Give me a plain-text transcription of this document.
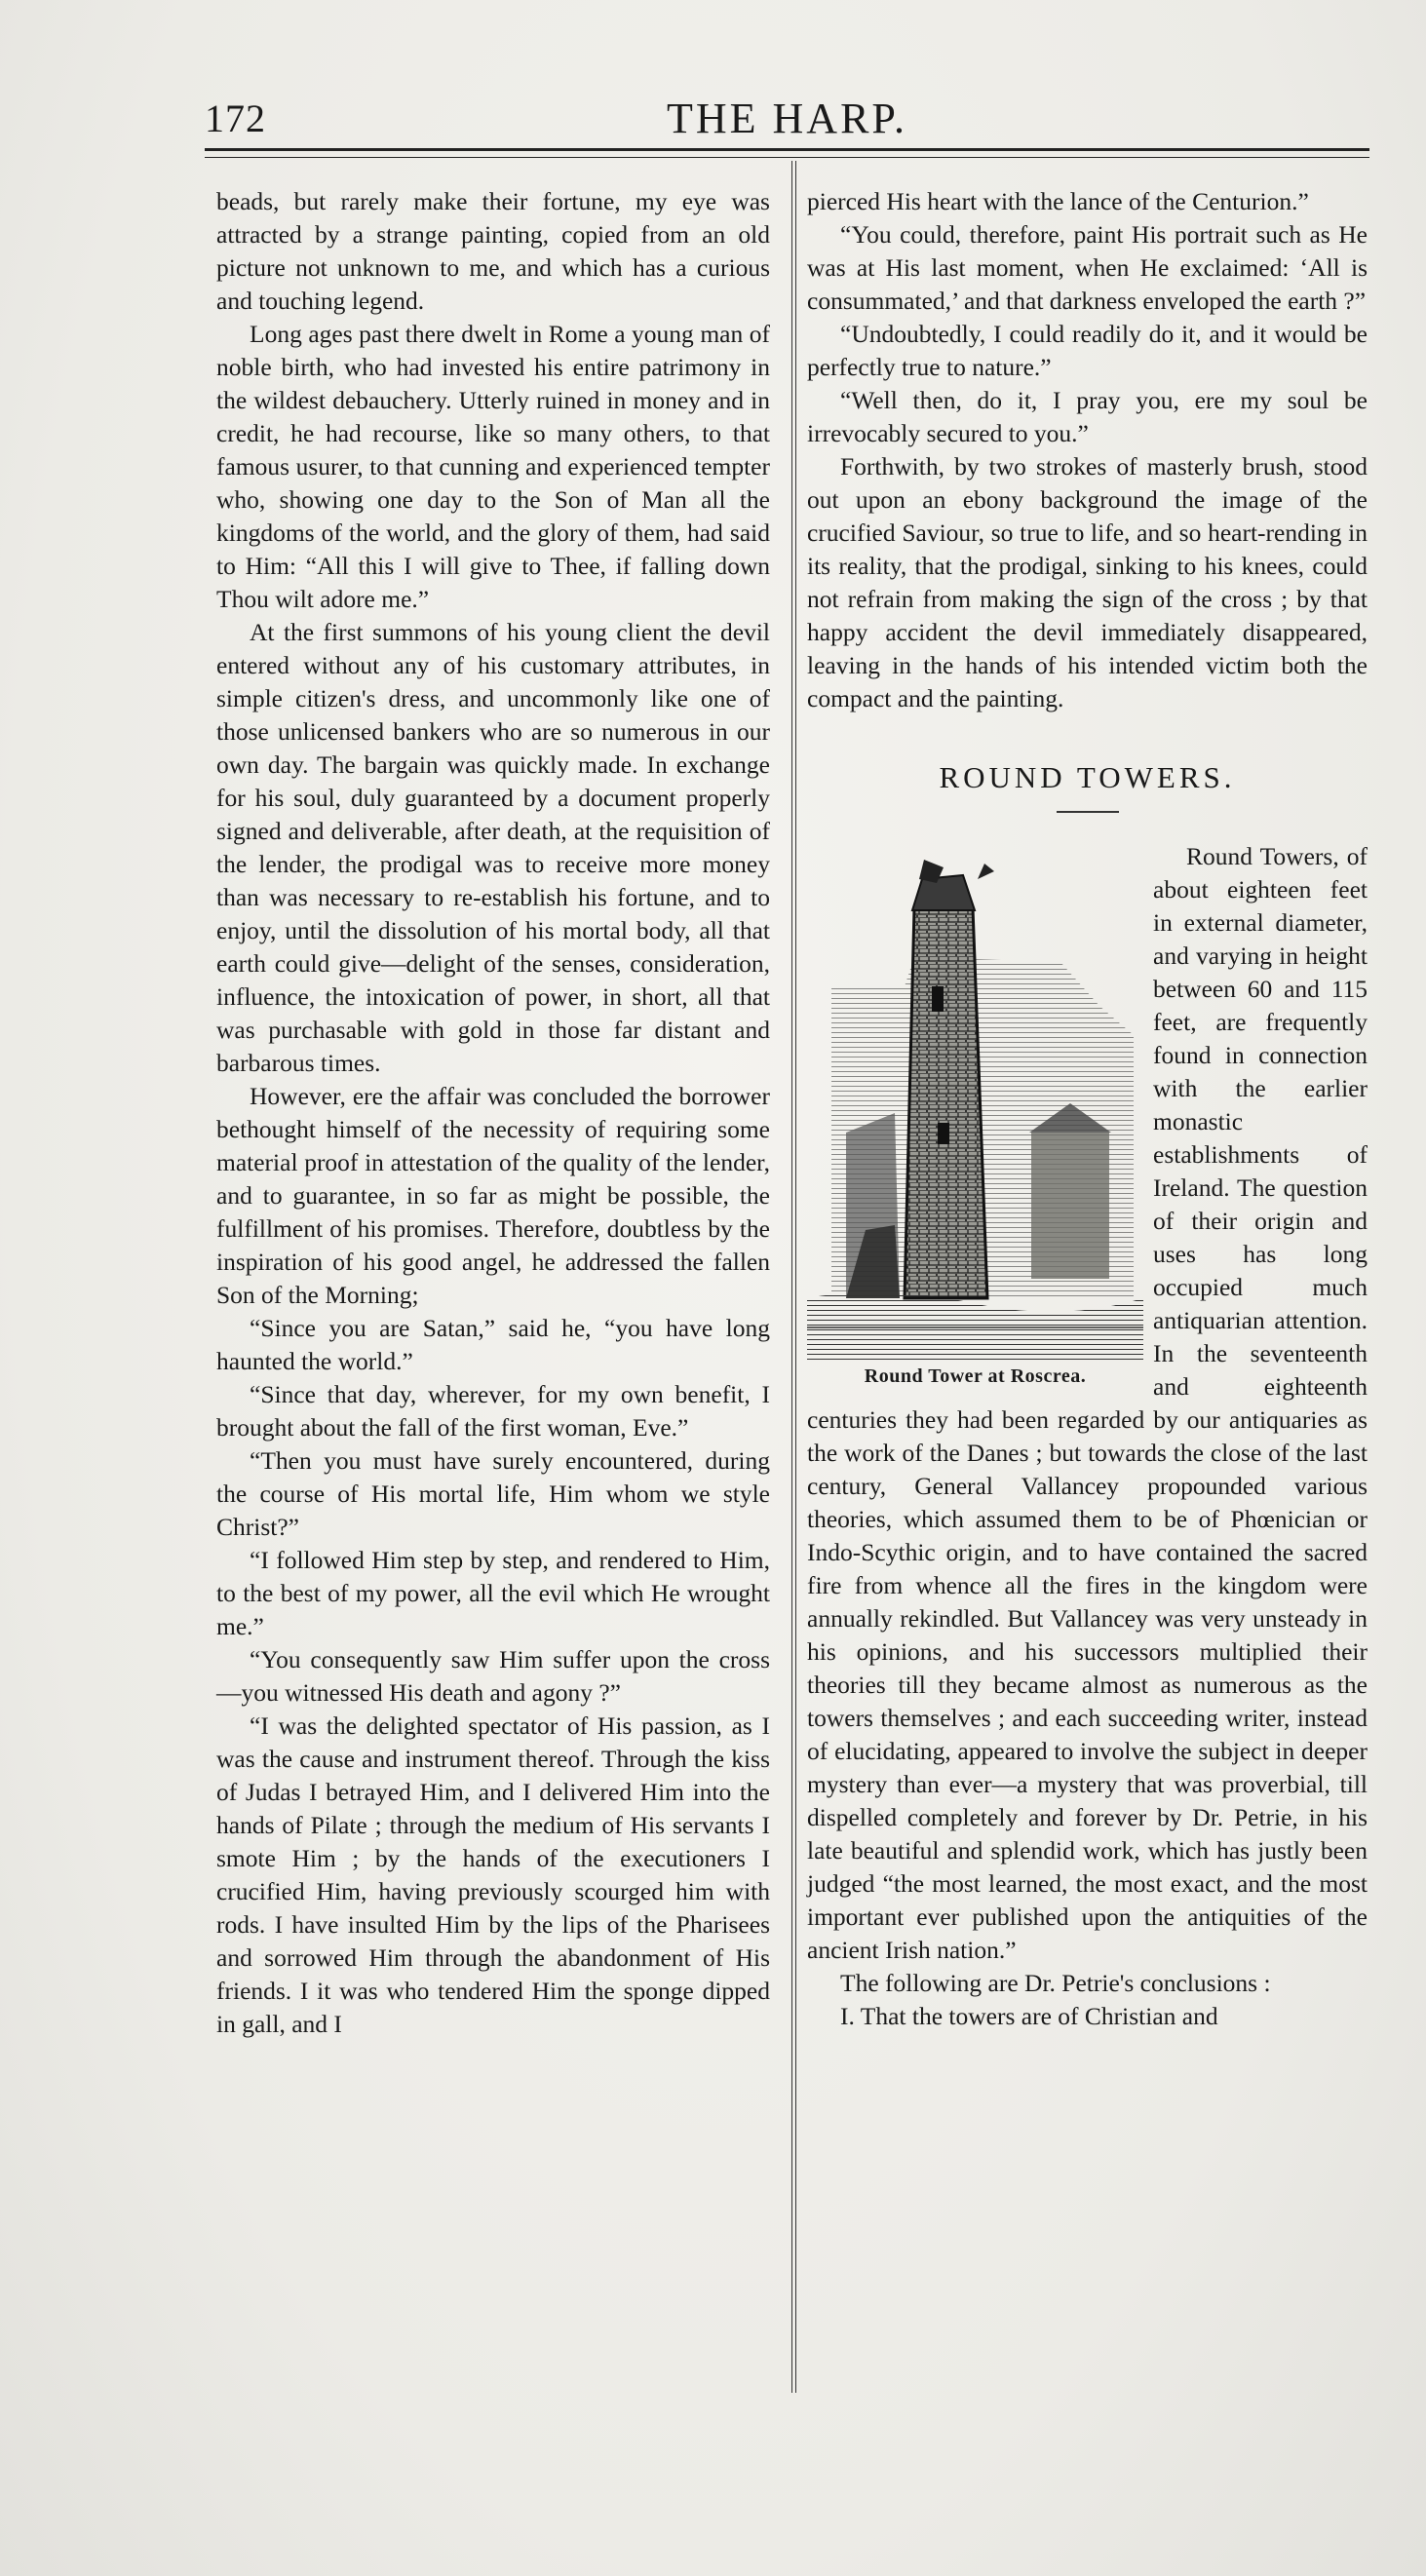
172	THE HARP.

beads, but rarely make their fortune, my eye was attracted by a strange painting, copied from an old picture not unknown to me, and which has a curious and touching legend.

Long ages past there dwelt in Rome a young man of noble birth, who had invested his entire patrimony in the wildest debauchery. Utterly ruined in money and in credit, he had recourse, like so many others, to that famous usurer, to that cunning and experienced tempter who, showing one day to the Son of Man all the kingdoms of the world, and the glory of them, had said to Him: “All this I will give to Thee, if falling down Thou wilt adore me.”

At the first summons of his young client the devil entered without any of his customary attributes, in simple citizen's dress, and uncommonly like one of those unlicensed bankers who are so numerous in our own day. The bargain was quickly made. In exchange for his soul, duly guaranteed by a document properly signed and deliverable, after death, at the requisition of the lender, the prodigal was to receive more money than was necessary to re-establish his fortune, and to enjoy, until the dissolution of his mortal body, all that earth could give—delight of the senses, consideration, influence, the intoxication of power, in short, all that was purchasable with gold in those far distant and barbarous times.

However, ere the affair was concluded the borrower bethought himself of the necessity of requiring some material proof in attestation of the quality of the lender, and to guarantee, in so far as might be possible, the fulfillment of his promises. Therefore, doubtless by the inspiration of his good angel, he addressed the fallen Son of the Morning;

“Since you are Satan,” said he, “you have long haunted the world.”

“Since that day, wherever, for my own benefit, I brought about the fall of the first woman, Eve.”

“Then you must have surely encountered, during the course of His mortal life, Him whom we style Christ?”

“I followed Him step by step, and rendered to Him, to the best of my power, all the evil which He wrought me.”

“You consequently saw Him suffer upon the cross—you witnessed His death and agony ?”

“I was the delighted spectator of His passion, as I was the cause and instrument thereof. Through the kiss of Judas I betrayed Him, and I delivered Him into the hands of Pilate ; through the medium of His servants I smote Him ; by the hands of the executioners I crucified Him, having previously scourged him with rods. I have insulted Him by the lips of the Pharisees and sorrowed Him through the abandonment of His friends. I it was who tendered Him the sponge dipped in gall, and I

pierced His heart with the lance of the Centurion.”

“You could, therefore, paint His portrait such as He was at His last moment, when He exclaimed: ‘All is consummated,’ and that darkness enveloped the earth ?”

“Undoubtedly, I could readily do it, and it would be perfectly true to nature.”

“Well then, do it, I pray you, ere my soul be irrevocably secured to you.”

Forthwith, by two strokes of masterly brush, stood out upon an ebony background the image of the crucified Saviour, so true to life, and so heart-rending in its reality, that the prodigal, sinking to his knees, could not refrain from making the sign of the cross ; by that happy accident the devil immediately disappeared, leaving in the hands of his intended victim both the compact and the painting.

ROUND TOWERS.
Round Tower at Roscrea.

Round Towers, of about eighteen feet in external diameter, and varying in height between 60 and 115 feet, are frequently found in connection with the earlier monastic establishments of Ireland. The question of their origin and uses has long occupied much antiquarian attention. In the seventeenth and eighteenth centuries they had been regarded by our antiquaries as the work of the Danes ; but towards the close of the last century, General Vallancey propounded various theories, which assumed them to be of Phœnician or Indo-Scythic origin, and to have contained the sacred fire from whence all the fires in the kingdom were annually rekindled. But Vallancey was very unsteady in his opinions, and his successors multiplied their theories till they became almost as numerous as the towers themselves ; and each succeeding writer, instead of elucidating, appeared to involve the subject in deeper mystery than ever—a mystery that was proverbial, till dispelled completely and forever by Dr. Petrie, in his late beautiful and splendid work, which has justly been judged “the most learned, the most exact, and the most important ever published upon the antiquities of the ancient Irish nation.”

The following are Dr. Petrie's conclusions :

I. That the towers are of Christian and
